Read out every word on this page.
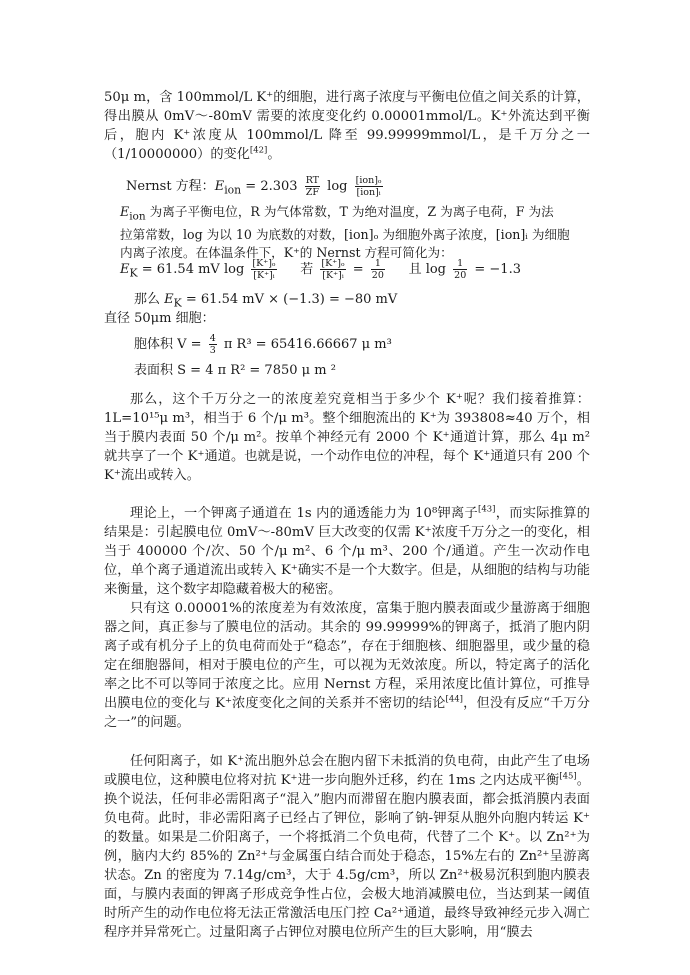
50μ m，含 100mmol/L K⁺的细胞，进行离子浓度与平衡电位值之间关系的计算，得出膜从 0mV～-80mV 需要的浓度变化约 0.00001mmol/L。K⁺外流达到平衡后，胞内 K⁺浓度从 100mmol/L 降至 99.99999mmol/L，是千万分之一（1/10000000）的变化[42]。

Nernst 方程：$E_{ion} = 2.303 \frac{RT}{ZF}$ $\log \frac{\text{[ion]ₒ}}{\text{[ion]ᵢ}}$
$E_{ion}$ 为离子平衡电位，R 为气体常数，T 为绝对温度，Z 为离子电荷，F 为法
拉第常数，log 为以 10 为底数的对数，[ion]ₒ 为细胞外离子浓度，[ion]ᵢ 为细胞
内离子浓度。在体温条件下，K⁺的 Nernst 方程可简化为：
$E_K = 61.54$ mV $\log \frac{\text{[K⁺]ₒ}}{\text{[K⁺]ᵢ}}$ 若 $\frac{\text{[K⁺]ₒ}}{\text{[K⁺]ᵢ}} = \frac{1}{20}$ 且 $\log \frac{1}{20} = -1.3$
那么 $E_K = 61.54$ mV × (−1.3) = −80 mV
直径 50μm 细胞：
胞体积 $V = \frac{4}{3}$ π R³ = 65416.66667 μ m³
表面积 S = 4 π R² = 7850 μ m ²

那么，这个千万分之一的浓度差究竟相当于多少个 K⁺呢？我们接着推算：1L=10¹⁵μ m³，相当于 6 个/μ m³。整个细胞流出的 K⁺为 393808≈40 万个，相当于膜内表面 50 个/μ m²。按单个神经元有 2000 个 K⁺通道计算，那么 4μ m² 就共享了一个 K⁺通道。也就是说，一个动作电位的冲程，每个 K⁺通道只有 200 个 K⁺流出或转入。

理论上，一个钾离子通道在 1s 内的通透能力为 10⁸钾离子[43]，而实际推算的结果是：引起膜电位 0mV～-80mV 巨大改变的仅需 K⁺浓度千万分之一的变化，相当于 400000 个/次、50 个/μ m²、6 个/μ m³、200 个/通道。产生一次动作电位，单个离子通道流出或转入 K⁺确实不是一个大数字。但是，从细胞的结构与功能来衡量，这个数字却隐藏着极大的秘密。

只有这 0.00001%的浓度差为有效浓度，富集于胞内膜表面或少量游离于细胞器之间，真正参与了膜电位的活动。其余的 99.99999%的钾离子，抵消了胞内阴离子或有机分子上的负电荷而处于“稳态”，存在于细胞核、细胞器里，或少量的稳定在细胞器间，相对于膜电位的产生，可以视为无效浓度。所以，特定离子的活化率之比不可以等同于浓度之比。应用 Nernst 方程，采用浓度比值计算位，可推导出膜电位的变化与 K⁺浓度变化之间的关系并不密切的结论[44]，但没有反应“千万分之一”的问题。

任何阳离子，如 K⁺流出胞外总会在胞内留下未抵消的负电荷，由此产生了电场或膜电位，这种膜电位将对抗 K⁺进一步向胞外迁移，约在 1ms 之内达成平衡[45]。换个说法，任何非必需阳离子“混入”胞内而滞留在胞内膜表面，都会抵消膜内表面负电荷。此时，非必需阳离子已经占了钾位，影响了钠-钾泵从胞外向胞内转运 K⁺的数量。如果是二价阳离子，一个将抵消二个负电荷，代替了二个 K⁺。以 Zn²⁺为例，脑内大约 85%的 Zn²⁺与金属蛋白结合而处于稳态，15%左右的 Zn²⁺呈游离状态。Zn 的密度为 7.14g/cm³，大于 4.5g/cm³，所以 Zn²⁺极易沉积到胞内膜表面，与膜内表面的钾离子形成竞争性占位，会极大地消减膜电位，当达到某一阈值时所产生的动作电位将无法正常激活电压门控 Ca²⁺通道，最终导致神经元步入凋亡程序并异常死亡。过量阳离子占钾位对膜电位所产生的巨大影响，用“膜去
